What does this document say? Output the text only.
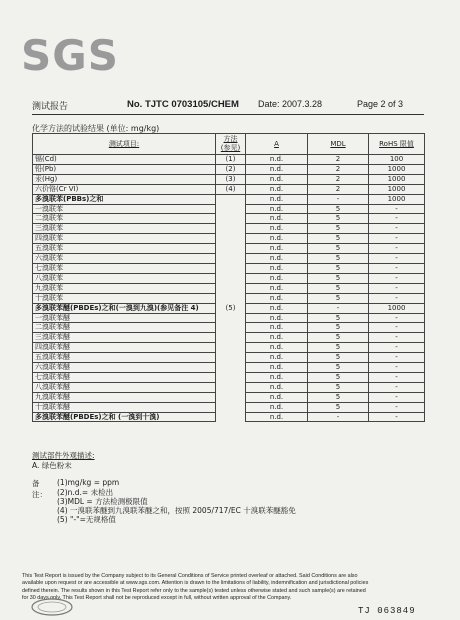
SGS
测试报告	No. TJTC 0703105/CHEM Date: 2007.3.28	Page 2 of 3
化学方法的试验结果 (单位: mg/kg)
测试项目:	方法 (参见)	A	MDL	RoHS 限值
镉(Cd)	(1)	n.d.	2	100
铅(Pb)	(2)	n.d.	2	1000
汞(Hg)	(3)	n.d.	2	1000
六价铬(Cr VI)	(4)	n.d.	2	1000
多溴联苯(PBBs)之和		n.d.	-	1000
一溴联苯		n.d.	5	-
二溴联苯		n.d.	5	-
三溴联苯		n.d.	5	-
四溴联苯		n.d.	5	-
五溴联苯		n.d.	5	-
六溴联苯		n.d.	5	-
七溴联苯		n.d.	5	-
八溴联苯		n.d.	5	-
九溴联苯		n.d.	5	-
十溴联苯		n.d.	5	-
多溴联苯醚(PBDEs)之和(一溴到九溴)(参见备注 4)	(5)	n.d.	-	1000
一溴联苯醚		n.d.	5	-
二溴联苯醚		n.d.	5	-
三溴联苯醚		n.d.	5	-
四溴联苯醚		n.d.	5	-
五溴联苯醚		n.d.	5	-
六溴联苯醚		n.d.	5	-
七溴联苯醚		n.d.	5	-
八溴联苯醚		n.d.	5	-
九溴联苯醚		n.d.	5	-
十溴联苯醚		n.d.	5	-
多溴联苯醚(PBDEs)之和 (一溴到十溴)		n.d.	-	-
测试部件外观描述:
A. 绿色粉末
备注：
(1)mg/kg = ppm
(2)n.d.= 未检出
(3)MDL = 方法检测极限值
(4) 一溴联苯醚到九溴联苯醚之和，按照 2005/717/EC 十溴联苯醚豁免
(5) "-"=无规格值
This Test Report is issued by the Company subject to its General Conditions of Service printed overleaf or attached. Said Conditions are also
available upon request or are accessible at www.sgs.com. Attention is drawn to the limitations of liability, indemnification and jurisdictional policies
defined therein. The results shown in this Test Report refer only to the sample(s) tested unless otherwise stated and such sample(s) are retained
for 30 days only. This Test Report shall not be reproduced except in full, without written approval of the Company.
TJ 063849
